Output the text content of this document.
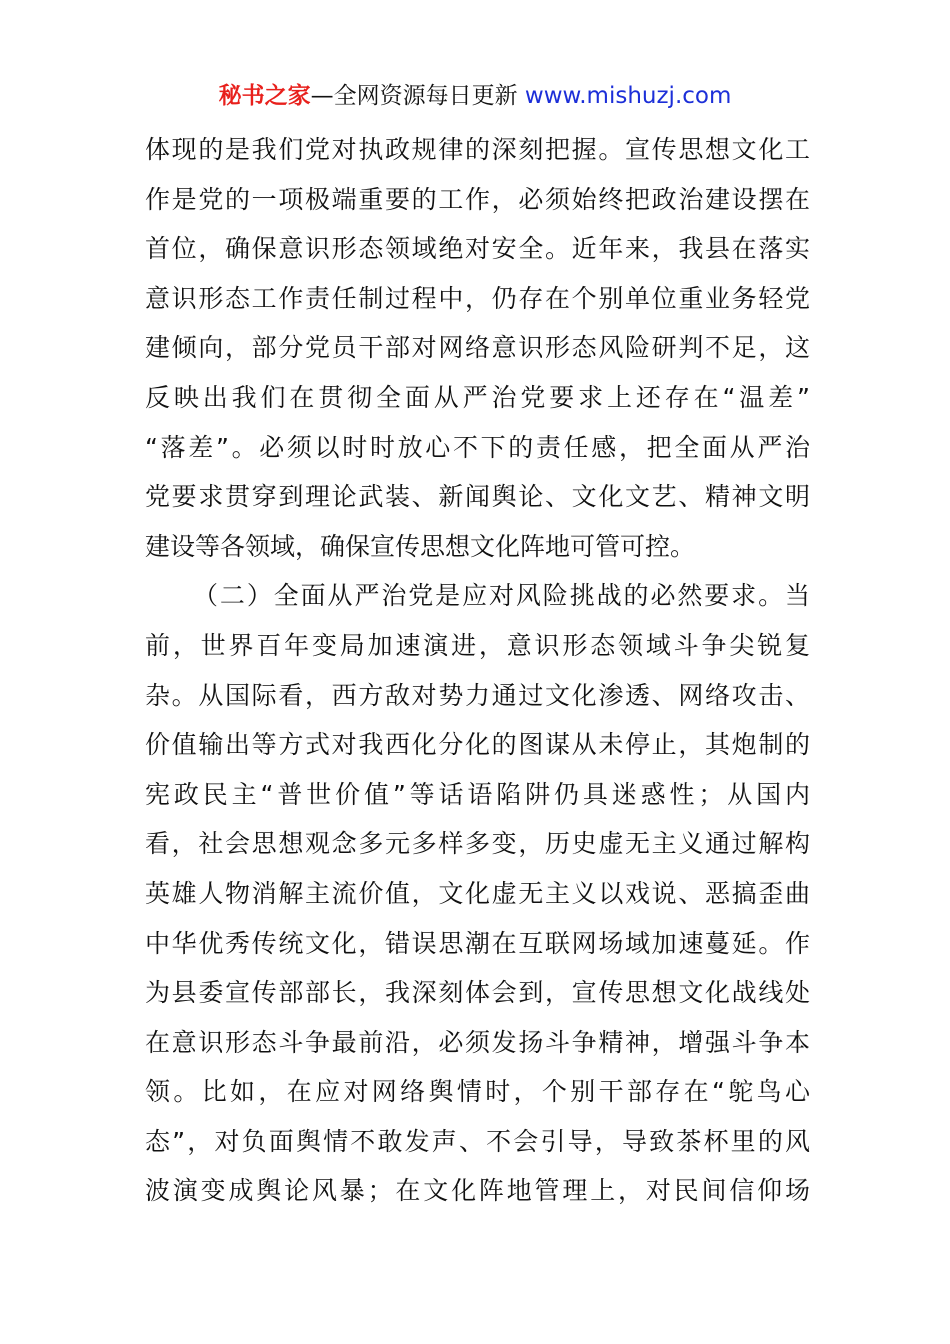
秘书之家—全网资源每日更新 www.mishuzj.com
体现的是我们党对执政规律的深刻把握。宣传思想文化工
作是党的一项极端重要的工作，必须始终把政治建设摆在
首位，确保意识形态领域绝对安全。近年来，我县在落实
意识形态工作责任制过程中，仍存在个别单位重业务轻党
建倾向，部分党员干部对网络意识形态风险研判不足，这
反映出我们在贯彻全面从严治党要求上还存在“温差”
“落差”。必须以时时放心不下的责任感，把全面从严治
党要求贯穿到理论武装、新闻舆论、文化文艺、精神文明
建设等各领域，确保宣传思想文化阵地可管可控。
（二）全面从严治党是应对风险挑战的必然要求。当
前，世界百年变局加速演进，意识形态领域斗争尖锐复
杂。从国际看，西方敌对势力通过文化渗透、网络攻击、
价值输出等方式对我西化分化的图谋从未停止，其炮制的
宪政民主“普世价值”等话语陷阱仍具迷惑性；从国内
看，社会思想观念多元多样多变，历史虚无主义通过解构
英雄人物消解主流价值，文化虚无主义以戏说、恶搞歪曲
中华优秀传统文化，错误思潮在互联网场域加速蔓延。作
为县委宣传部部长，我深刻体会到，宣传思想文化战线处
在意识形态斗争最前沿，必须发扬斗争精神，增强斗争本
领。比如，在应对网络舆情时，个别干部存在“鸵鸟心
态”，对负面舆情不敢发声、不会引导，导致茶杯里的风
波演变成舆论风暴；在文化阵地管理上，对民间信仰场
